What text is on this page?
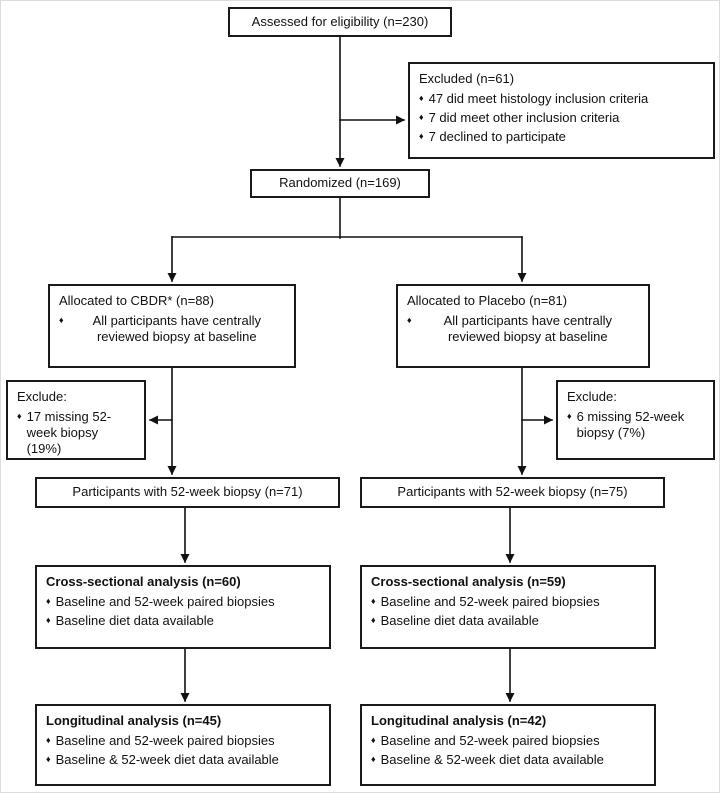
Assessed for eligibility (n=230)
Excluded (n=61)
♦ 47 did meet histology inclusion criteria
♦ 7 did meet other inclusion criteria
♦ 7 declined to participate
Randomized (n=169)
Allocated to CBDR* (n=88)
♦	All participants have centrally reviewed biopsy at baseline
Allocated to Placebo (n=81)
♦	All participants have centrally reviewed biopsy at baseline
Exclude:
♦ 17 missing 52-week biopsy (19%)
Exclude:
♦ 6 missing 52-week biopsy (7%)
Participants with 52-week biopsy (n=71)	Participants with 52-week biopsy (n=75)
Cross-sectional analysis (n=60)
♦ Baseline and 52-week paired biopsies
♦ Baseline diet data available
Cross-sectional analysis (n=59)
♦ Baseline and 52-week paired biopsies
♦ Baseline diet data available
Longitudinal analysis (n=45)
♦ Baseline and 52-week paired biopsies
♦ Baseline & 52-week diet data available
Longitudinal analysis (n=42)
♦ Baseline and 52-week paired biopsies
♦ Baseline & 52-week diet data available
